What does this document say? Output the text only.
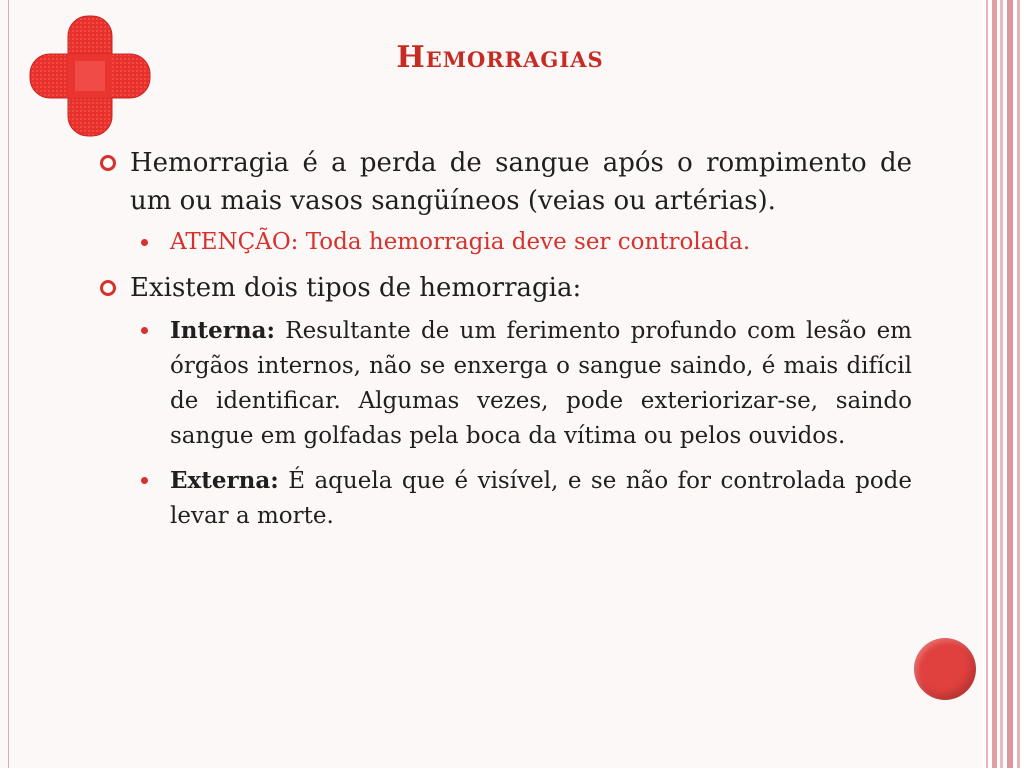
Hemorragias
Hemorragia é a perda de sangue após o rompimento de um ou mais vasos sangüíneos (veias ou artérias).
ATENÇÃO: Toda hemorragia deve ser controlada.
Existem dois tipos de hemorragia:
Interna: Resultante de um ferimento profundo com lesão em órgãos internos, não se enxerga o sangue saindo, é mais difícil de identificar. Algumas vezes, pode exteriorizar-se, saindo sangue em golfadas pela boca da vítima ou pelos ouvidos.
Externa: É aquela que é visível, e se não for controlada pode levar a morte.
